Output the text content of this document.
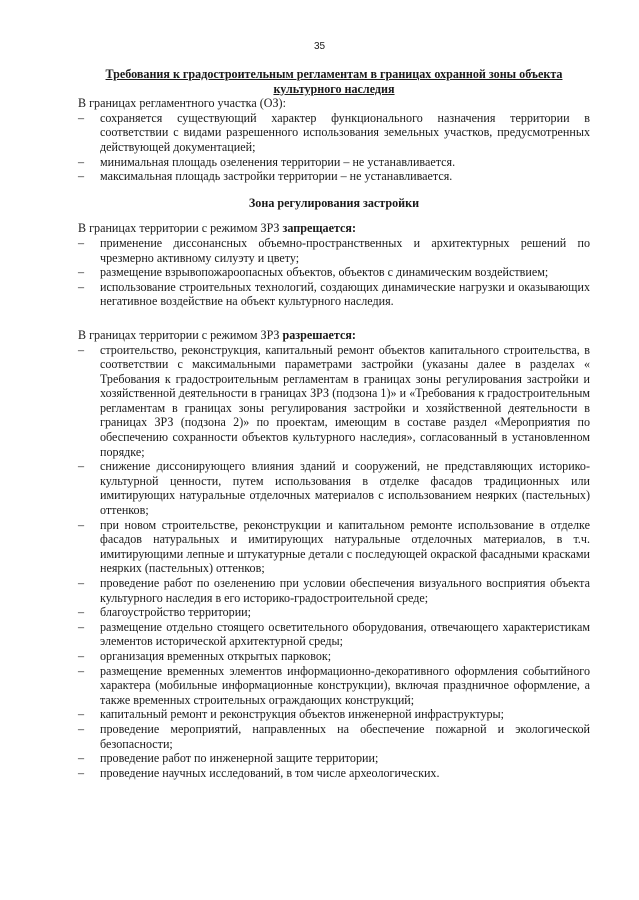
35

Требования к градостроительным регламентам в границах охранной зоны объекта культурного наследия

В границах регламентного участка (ОЗ):

– сохраняется существующий характер функционального назначения территории в соответствии с видами разрешенного использования земельных участков, предусмотренных действующей документацией;
– минимальная площадь озеленения территории – не устанавливается.
– максимальная площадь застройки территории – не устанавливается.

Зона регулирования застройки

В границах территории с режимом ЗРЗ запрещается:

– применение диссонансных объемно-пространственных и архитектурных решений по чрезмерно активному силуэту и цвету;
– размещение взрывопожароопасных объектов, объектов с динамическим воздействием;
– использование строительных технологий, создающих динамические нагрузки и оказывающих негативное воздействие на объект культурного наследия.

В границах территории с режимом ЗРЗ разрешается:

– строительство, реконструкция, капитальный ремонт объектов капитального строительства, в соответствии с максимальными параметрами застройки (указаны далее в разделах « Требования к градостроительным регламентам в границах зоны регулирования застройки и хозяйственной деятельности в границах ЗРЗ (подзона 1)» и «Требования к градостроительным регламентам в границах зоны регулирования застройки и хозяйственной деятельности в границах ЗРЗ (подзона 2)» по проектам, имеющим в составе раздел «Мероприятия по обеспечению сохранности объектов культурного наследия», согласованный в установленном порядке;
– снижение диссонирующего влияния зданий и сооружений, не представляющих историко-культурной ценности, путем использования в отделке фасадов традиционных или имитирующих натуральные отделочных материалов с использованием неярких (пастельных) оттенков;
– при новом строительстве, реконструкции и капитальном ремонте использование в отделке фасадов натуральных и имитирующих натуральные отделочных материалов, в т.ч. имитирующими лепные и штукатурные детали с последующей окраской фасадными красками неярких (пастельных) оттенков;
– проведение работ по озеленению при условии обеспечения визуального восприятия объекта культурного наследия в его историко-градостроительной среде;
– благоустройство территории;
– размещение отдельно стоящего осветительного оборудования, отвечающего характеристикам элементов исторической архитектурной среды;
– организация временных открытых парковок;
– размещение временных элементов информационно-декоративного оформления событийного характера (мобильные информационные конструкции), включая праздничное оформление, а также временных строительных ограждающих конструкций;
– капитальный ремонт и реконструкция объектов инженерной инфраструктуры;
– проведение мероприятий, направленных на обеспечение пожарной и экологической безопасности;
– проведение работ по инженерной защите территории;
– проведение научных исследований, в том числе археологических.
